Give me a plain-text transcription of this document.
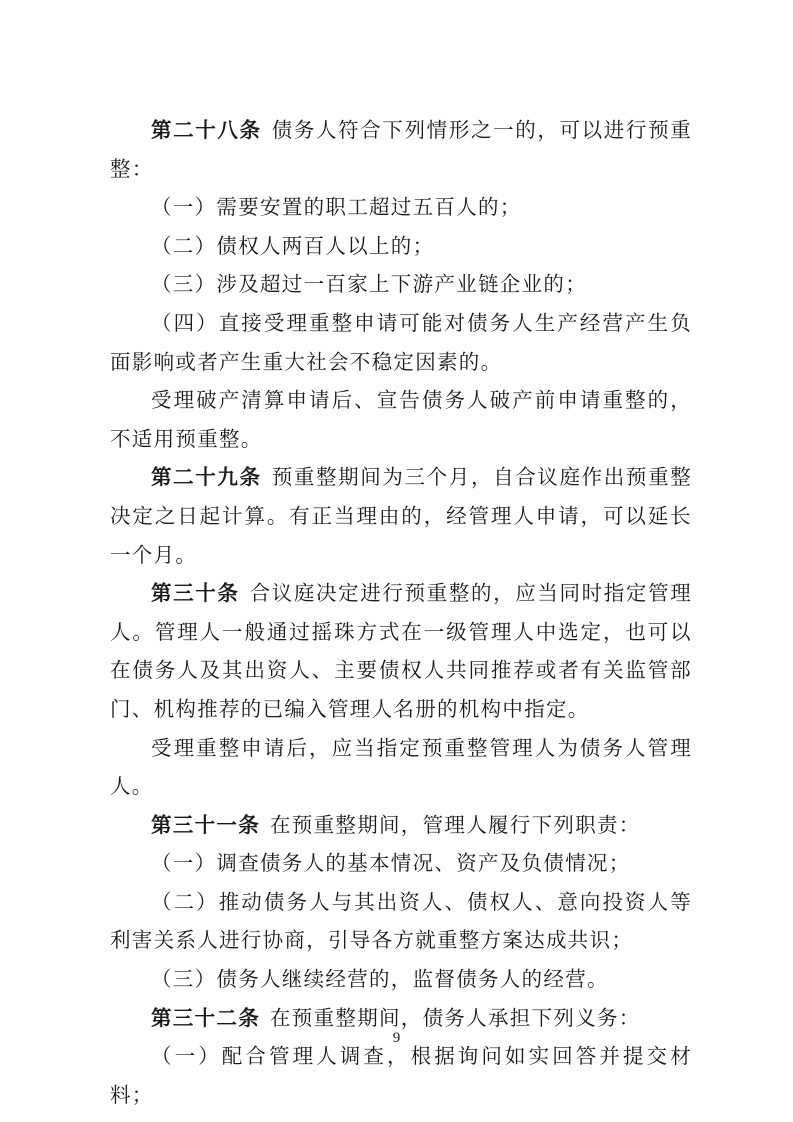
第二十八条 债务人符合下列情形之一的，可以进行预重整：

（一）需要安置的职工超过五百人的；

（二）债权人两百人以上的；

（三）涉及超过一百家上下游产业链企业的；

（四）直接受理重整申请可能对债务人生产经营产生负面影响或者产生重大社会不稳定因素的。

受理破产清算申请后、宣告债务人破产前申请重整的，不适用预重整。

第二十九条 预重整期间为三个月，自合议庭作出预重整决定之日起计算。有正当理由的，经管理人申请，可以延长一个月。

第三十条 合议庭决定进行预重整的，应当同时指定管理人。管理人一般通过摇珠方式在一级管理人中选定，也可以在债务人及其出资人、主要债权人共同推荐或者有关监管部门、机构推荐的已编入管理人名册的机构中指定。

受理重整申请后，应当指定预重整管理人为债务人管理人。

第三十一条 在预重整期间，管理人履行下列职责：

（一）调查债务人的基本情况、资产及负债情况；

（二）推动债务人与其出资人、债权人、意向投资人等利害关系人进行协商，引导各方就重整方案达成共识；

（三）债务人继续经营的，监督债务人的经营。

第三十二条 在预重整期间，债务人承担下列义务：

（一）配合管理人调查，根据询问如实回答并提交材料；

9
